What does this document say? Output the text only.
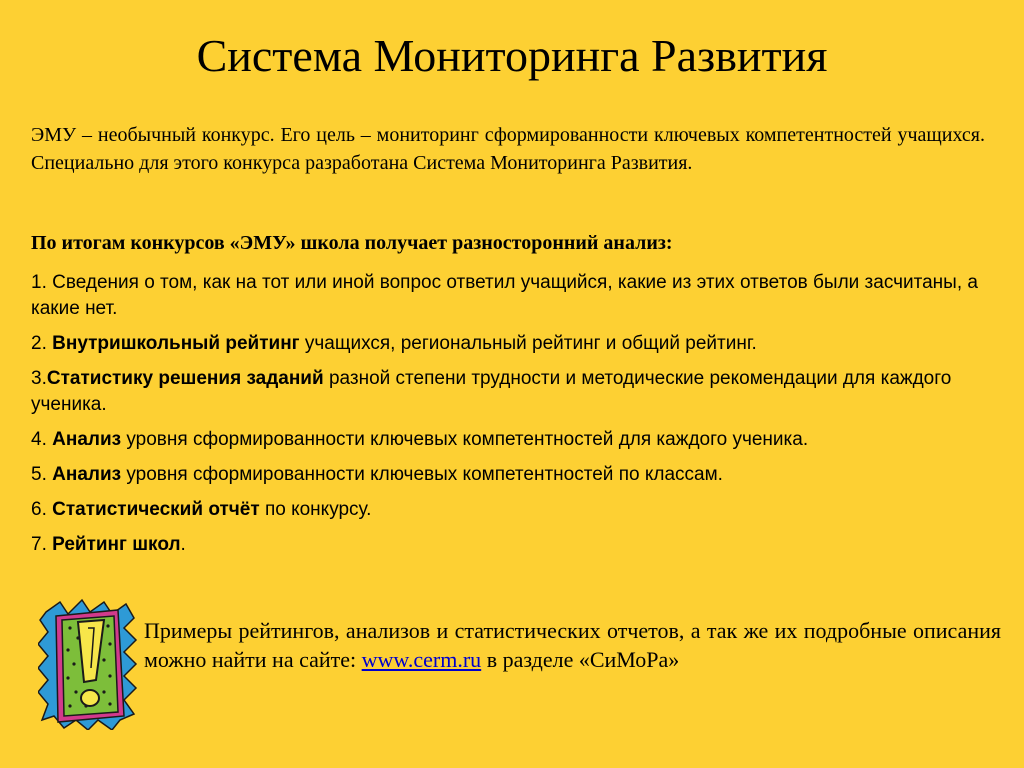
Система Мониторинга Развития
ЭМУ – необычный конкурс. Его цель – мониторинг сформированности ключевых компетентностей учащихся. Специально для этого конкурса разработана Система Мониторинга Развития.
По итогам конкурсов «ЭМУ» школа получает разносторонний анализ:
1. Сведения о том, как на тот или иной вопрос ответил учащийся, какие из этих ответов были засчитаны, а какие нет.
2. Внутришкольный рейтинг учащихся, региональный рейтинг и общий рейтинг.
3.Статистику решения заданий разной степени трудности и методические рекомендации для каждого ученика.
4. Анализ уровня сформированности ключевых компетентностей для каждого ученика.
5. Анализ уровня сформированности ключевых компетентностей по классам.
6. Статистический отчёт по конкурсу.
7. Рейтинг школ.
Примеры рейтингов, анализов и статистических отчетов, а так же их подробные описания можно найти на сайте: www.cerm.ru в разделе «СиМоРа»
